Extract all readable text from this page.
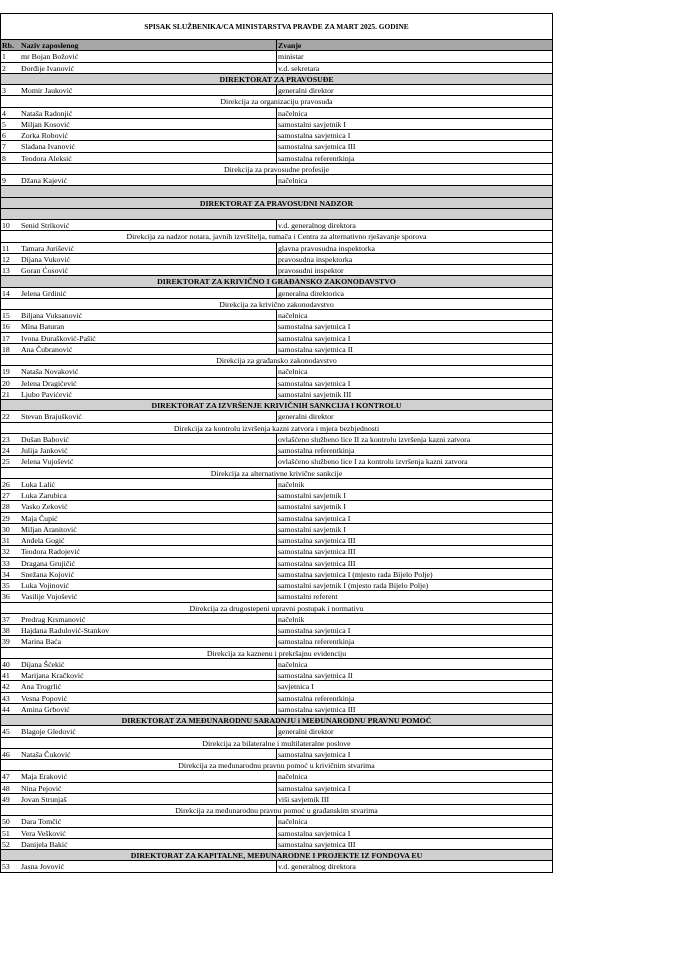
SPISAK SLUŽBENIKA/CA MINISTARSTVA PRAVDE ZA MART 2025. GODINE
Rb. Naziv zaposlenog	Zvanje
1	mr Bojan Božović	ministar
2	Đorđije Ivanović	v.d. sekretara
DIREKTORAT ZA PRAVOSUĐE
3	Momir Jauković	generalni direktor
Direkcija za organizaciju pravosuđa
4	Nataša Radonjić	načelnica
5	Miljan Kosović	samostalni savjetnik I
6	Zorka Robović	samostalna savjetnica I
7	Slađana Ivanović	samostalna savjetnica III
8	Teodora Aleksić	samostalna referentkinja
Direkcija za pravosudne profesije
9	Džana Kajević	načelnica
DIREKTORAT ZA PRAVOSUDNI NADZOR
10	Senid Striković	v.d. generalnog direktora
Direkcija za nadzor notara, javnih izvršitelja, tumača i Centra za alternativno rješavanje sporova
11	Tamara Jurišević	glavna pravosudna inspektorka
12	Dijana Vuković	pravosudna inspektorka
13	Goran Ćosović	pravosudni inspektor
DIREKTORAT ZA KRIVIČNO I GRAĐANSKO ZAKONODAVSTVO
14	Jelena Grdinić	generalna direktorica
Direkcija za krivično zakonodavstvo
15	Biljana Vuksanović	načelnica
16	Mina Baturan	samostalna savjetnica I
17	Ivona Đurašković-Pašić	samostalna savjetnica I
18	Ana Čubranović	samostalna savjetnica II
Direkcija za građansko zakonodavstvo
19	Nataša Novaković	načelnica
20	Jelena Dragićević	samostalna savjetnica I
21	Ljubo Pavićević	samostalni savjetnik III
DIREKTORAT ZA IZVRŠENJE KRIVIČNIH SANKCIJA I KONTROLU
22	Stevan Brajušković	generalni direktor
Direkcija za kontrolu izvršenja kazni zatvora i mjera bezbjednosti
23	Dušan Babović	ovlašćeno službeno lice II za kontrolu izvršenja kazni zatvora
24	Julija Janković	samostalna referentkinja
25	Jelena Vujošević	ovlašćeno službeno lice I za kontrolu izvršenja kazni zatvora
Direkcija za alternativne krivične sankcije
26	Luka Lalić	načelnik
27	Luka Zarubica	samostalni savjetnik I
28	Vasko Zeković	samostalni savjetnik I
29	Maja Čupić	samostalna savjetnica I
30	Miljan Aranitović	samostalni savjetnik I
31	Anđela Gogić	samostalna savjetnica III
32	Teodora Radojević	samostalna savjetnica III
33	Dragana Grujičić	samostalna savjetnica III
34	Snežana Kojović	samostalna savjetnica I (mjesto rada Bijelo Polje)
35	Luka Vojinović	samostalni savjetnik I (mjesto rada Bijelo Polje)
36	Vasilije Vujošević	samostalni referent
Direkcija za drugostepeni upravni postupak i normativu
37	Predrag Krsmanović	načelnik
38	Hajdana Radulović-Stankov	samostalna savjetnica I
39	Marina Baća	samostalna referentkinja
Direkcija za kaznenu i prekršajnu evidenciju
40	Dijana Šćekić	načelnica
41	Marijana Kračković	samostalna savjetnica II
42	Ana Trogrlić	savjetnica I
43	Vesna Popović	samostalna referentkinja
44	Amina Grbović	samostalna savjetnica III
DIREKTORAT ZA MEĐUNARODNU SARADNJU i MEĐUNARODNU PRAVNU POMOĆ
45	Blagoje Gledović	generalni direktor
Direkcija za bilateralne i multilateralne poslove
46	Nataša Čuković	samostalna savjetnica I
Direkcija za međunarodnu pravnu pomoć u krivičnim stvarima
47	Maja Eraković	načelnica
48	Nina Pejović	samostalna savjetnica I
49	Jovan Strunjaš	viši savjetnik III
Direkcija za međunarodnu pravnu pomoć u građanskim stvarima
50	Dara Tomčić	načelnica
51	Vera Vešković	samostalna savjetnica I
52	Danijela Bakić	samostalna savjetnica III
DIREKTORAT ZA KAPITALNE, MEĐUNARODNE I PROJEKTE IZ FONDOVA EU
53	Jasna Jovović	v.d. generalnog direktora
